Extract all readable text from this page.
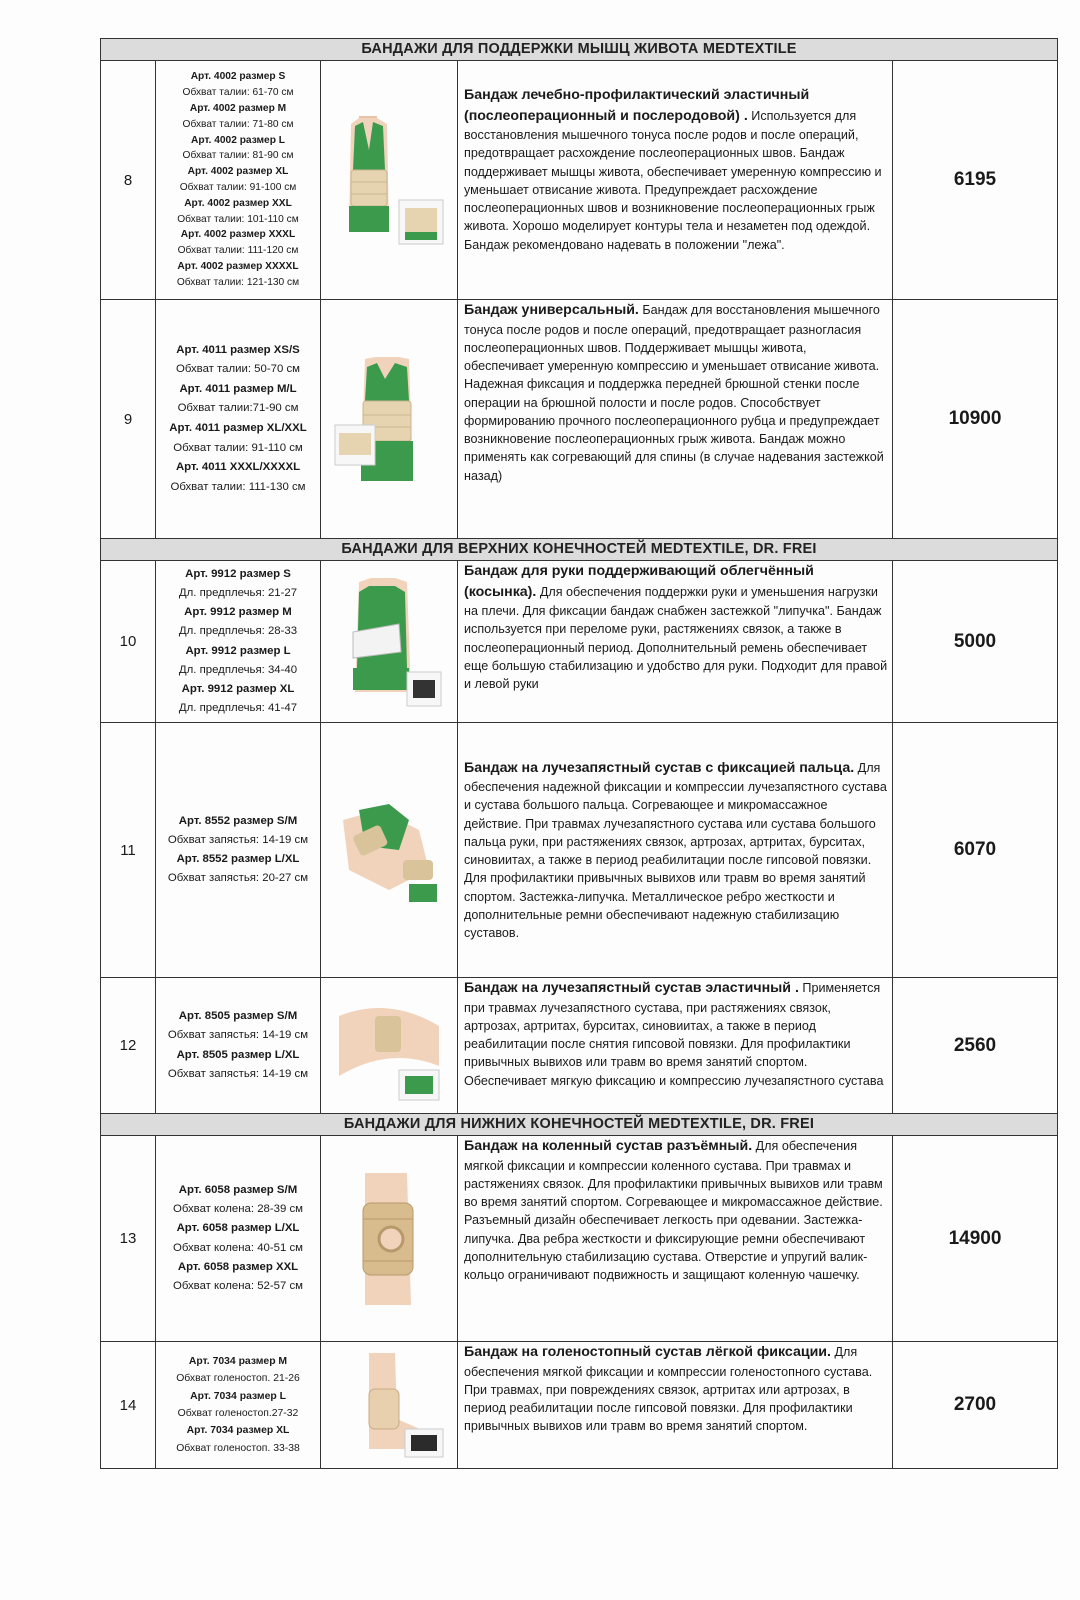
БАНДАЖИ ДЛЯ ПОДДЕРЖКИ МЫШЦ ЖИВОТА MEDTEXTILE
8
Арт. 4002 размер S
Обхват талии: 61-70 см
Арт. 4002 размер M
Обхват талии: 71-80 см
Арт. 4002 размер L
Обхват талии: 81-90 см
Арт. 4002 размер XL
Обхват талии: 91-100 см
Арт. 4002 размер XXL
Обхват талии: 101-110 см
Арт. 4002 размер XXXL
Обхват талии: 111-120 см
Арт. 4002 размер XXXXL
Обхват талии: 121-130 см
Бандаж лечебно-профилактический эластичный (послеоперационный и послеродовой) . Используется для восстановления мышечного тонуса после родов и после операций, предотвращает расхождение послеоперационных швов. Бандаж поддерживает мышцы живота, обеспечивает умеренную компрессию и уменьшает отвисание живота. Предупреждает расхождение послеоперационных швов и возникновение послеоперационных грыж живота. Хорошо моделирует контуры тела и незаметен под одеждой. Бандаж рекомендовано надевать в положении "лежа".
6195
9
Арт. 4011 размер XS/S
Обхват талии: 50-70 см
Арт. 4011 размер M/L
Обхват талии:71-90 см
Арт. 4011 размер XL/XXL
Обхват талии: 91-110 см
Арт. 4011 XXXL/XXXXL
Обхват талии: 111-130 см
Бандаж универсальный. Бандаж для восстановления мышечного тонуса после родов и после операций, предотвращает разногласия послеоперационных швов. Поддерживает мышцы живота, обеспечивает умеренную компрессию и уменьшает отвисание живота. Надежная фиксация и поддержка передней брюшной стенки после операции на брюшной полости и после родов. Способствует формированию прочного послеоперационного рубца и предупреждает возникновение послеоперационных грыж живота. Бандаж можно применять как согревающий для спины (в случае надевания застежкой назад)
10900
БАНДАЖИ ДЛЯ ВЕРХНИХ КОНЕЧНОСТЕЙ MEDTEXTILE, DR. FREI
10
Арт. 9912 размер S
Дл. предплечья: 21-27
Арт. 9912 размер M
Дл. предплечья: 28-33
Арт. 9912 размер L
Дл. предплечья: 34-40
Арт. 9912 размер XL
Дл. предплечья: 41-47
Бандаж для руки поддерживающий облегчённый (косынка). Для обеспечения поддержки руки и уменьшения нагрузки на плечи. Для фиксации бандаж снабжен застежкой "липучка". Бандаж используется при переломе руки, растяжениях связок, а также в послеоперационный период. Дополнительный ремень обеспечивает еще большую стабилизацию и удобство для руки. Подходит для правой и левой руки
5000
11
Арт. 8552 размер S/M
Обхват запястья: 14-19 см
Арт. 8552 размер L/XL
Обхват запястья: 20-27 см
Бандаж на лучезапястный сустав с фиксацией пальца. Для обеспечения надежной фиксации и компрессии лучезапястного сустава и сустава большого пальца. Согревающее и микромассажное действие. При травмах лучезапястного сустава или сустава большого пальца руки, при растяжениях связок, артрозах, артритах, бурситах, синовиитах, а также в период реабилитации после гипсовой повязки. Для профилактики привычных вывихов или травм во время занятий спортом. Застежка-липучка. Металлическое ребро жесткости и дополнительные ремни обеспечивают надежную стабилизацию суставов.
6070
12
Арт. 8505 размер S/M
Обхват запястья: 14-19 см
Арт. 8505 размер L/XL
Обхват запястья: 14-19 см
Бандаж на лучезапястный сустав эластичный . Применяется при травмах лучезапястного сустава, при растяжениях связок, артрозах, артритах, бурситах, синовиитах, а также в период реабилитации после снятия гипсовой повязки. Для профилактики привычных вывихов или травм во время занятий спортом. Обеспечивает мягкую фиксацию и компрессию лучезапястного сустава
2560
БАНДАЖИ ДЛЯ НИЖНИХ КОНЕЧНОСТЕЙ MEDTEXTILE, DR. FREI
13
Арт. 6058 размер S/M
Обхват колена: 28-39 см
Арт. 6058 размер L/XL
Обхват колена: 40-51 см
Арт. 6058 размер XXL
Обхват колена: 52-57 см
Бандаж на коленный сустав разъёмный. Для обеспечения мягкой фиксации и компрессии коленного сустава. При травмах и растяжениях связок. Для профилактики привычных вывихов или травм во время занятий спортом. Согревающее и микромассажное действие. Разъемный дизайн обеспечивает легкость при одевании. Застежка-липучка. Два ребра жесткости и фиксирующие ремни обеспечивают дополнительную стабилизацию сустава. Отверстие и упругий валик-кольцо ограничивают подвижность и защищают коленную чашечку.
14900
14
Арт. 7034 размер M
Обхват голеностоп. 21-26
Арт. 7034 размер L
Обхват голеностоп.27-32
Арт. 7034 размер XL
Обхват голеностоп. 33-38
Бандаж на голеностопный сустав лёгкой фиксации. Для обеспечения мягкой фиксации и компрессии голеностопного сустава. При травмах, при повреждениях связок, артритах или артрозах, в период реабилитации после гипсовой повязки. Для профилактики привычных вывихов или травм во время занятий спортом.
2700
